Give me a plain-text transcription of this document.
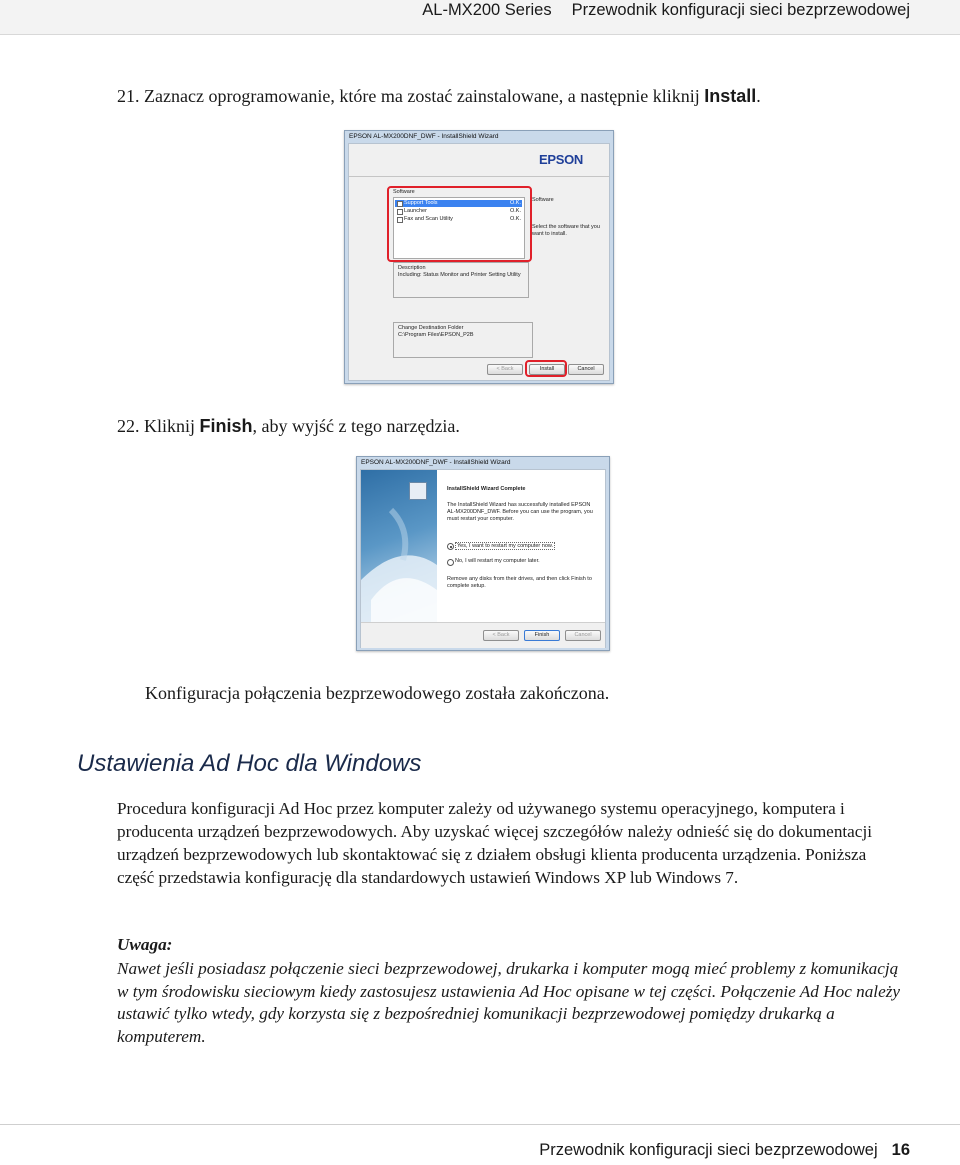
AL-MX200 Series Przewodnik konfiguracji sieci bezprzewodowej
21. Zaznacz oprogramowanie, które ma zostać zainstalowane, a następnie kliknij Install.
EPSON AL-MX200DNF_DWF - InstallShield Wizard
EPSON
Software
Support Tools	O.K.
Launcher	O.K.
Fax and Scan Utility	O.K.
Software
Select the software that you
want to install.
Description
Including: Status Monitor and Printer Setting Utility
Change Destination Folder
C:\Program Files\EPSON_P2B
< Back	Install	Cancel
22. Kliknij Finish, aby wyjść z tego narzędzia.
EPSON AL-MX200DNF_DWF - InstallShield Wizard
InstallShield Wizard Complete
The InstallShield Wizard has successfully installed EPSON
AL-MX200DNF_DWF. Before you can use the program, you
must restart your computer.
Yes, I want to restart my computer now.
No, I will restart my computer later.
Remove any disks from their drives, and then click Finish to
complete setup.
< Back	Finish	Cancel
Konfiguracja połączenia bezprzewodowego została zakończona.
Ustawienia Ad Hoc dla Windows
Procedura konfiguracji Ad Hoc przez komputer zależy od używanego systemu operacyjnego, komputera i producenta urządzeń bezprzewodowych. Aby uzyskać więcej szczegółów należy odnieść się do dokumentacji urządzeń bezprzewodowych lub skontaktować się z działem obsługi klienta producenta urządzenia. Poniższa część przedstawia konfigurację dla standardowych ustawień Windows XP lub Windows 7.
Uwaga:
Nawet jeśli posiadasz połączenie sieci bezprzewodowej, drukarka i komputer mogą mieć problemy z komunikacją w tym środowisku sieciowym kiedy zastosujesz ustawienia Ad Hoc opisane w tej części. Połączenie Ad Hoc należy ustawić tylko wtedy, gdy korzysta się z bezpośredniej komunikacji bezprzewodowej pomiędzy drukarką a komputerem.
Przewodnik konfiguracji sieci bezprzewodowej 16
